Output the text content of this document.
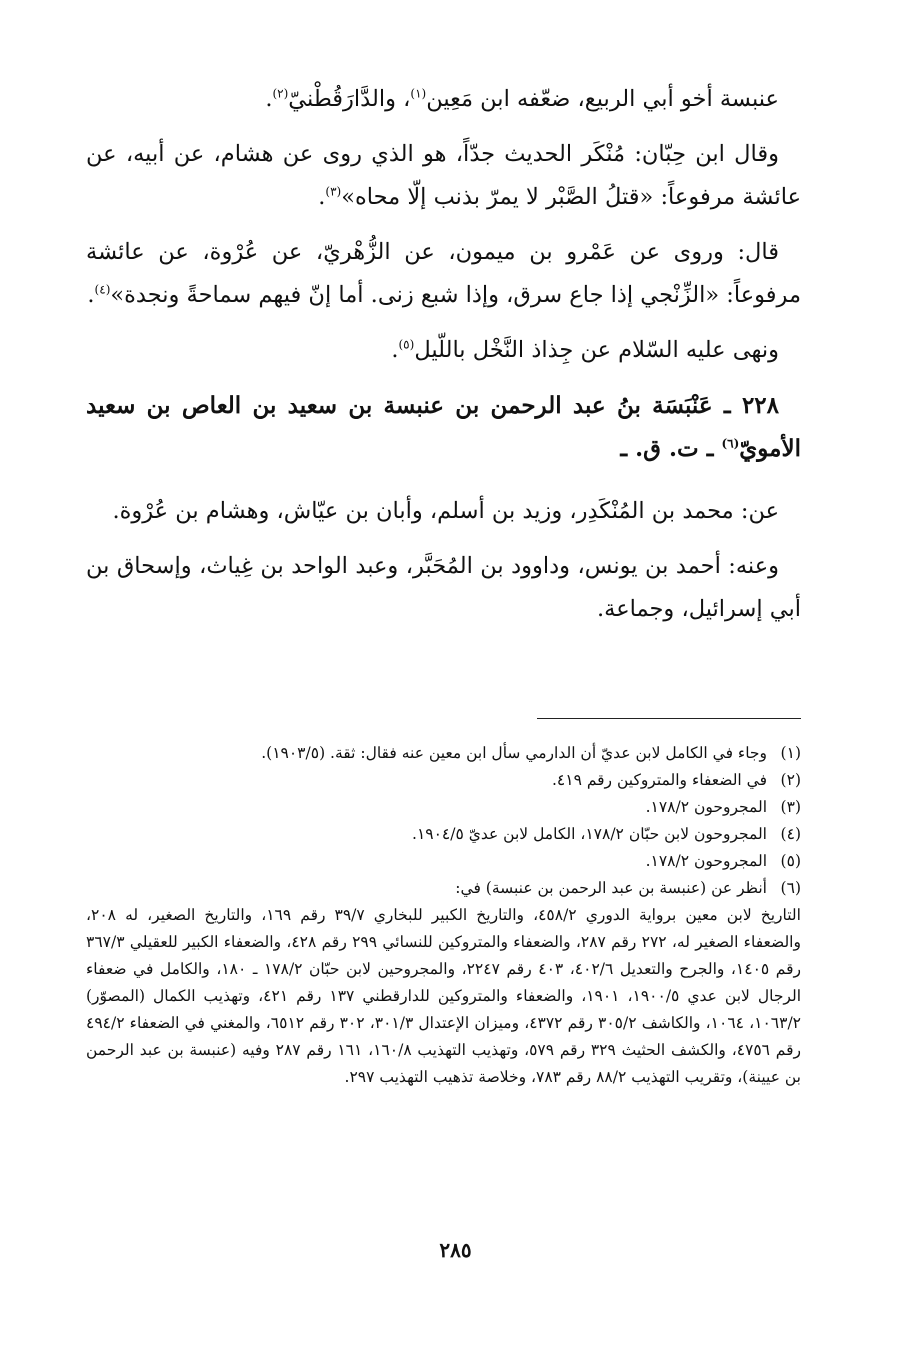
عنبسة أخو أبي الربيع، ضعّفه ابن مَعِين$^{(١)}$، والدَّارَقُطْنيّ$^{(٢)}$.

وقال ابن حِبّان: مُنْكَر الحديث جدّاً، هو الذي روى عن هشام، عن أبيه، عن عائشة مرفوعاً: «قتلُ الصَّبْر لا يمرّ بذنب إلّا محاه»$^{(٣)}$.

قال: وروى عن عَمْرو بن ميمون، عن الزُّهْريّ، عن عُرْوة، عن عائشة مرفوعاً: «الزِّنْجي إذا جاع سرق، وإذا شبع زنى. أما إنّ فيهم سماحةً ونجدة»$^{(٤)}$.

ونهى عليه السّلام عن جِذاذ النَّخْل باللّيل$^{(٥)}$.

٢٢٨ ـ عَنْبَسَة بنُ عبد الرحمن بن عنبسة بن سعيد بن العاص بن سعيد الأمويّ$^{(٦)}$ ـ ت. ق. ـ

عن: محمد بن المُنْكَدِر، وزيد بن أسلم، وأبان بن عيّاش، وهشام بن عُرْوة.

وعنه: أحمد بن يونس، وداوود بن المُحَبَّر، وعبد الواحد بن غِياث، وإسحاق بن أبي إسرائيل، وجماعة.

(١)
وجاء في الكامل لابن عديّ أن الدارمي سأل ابن معين عنه فقال: ثقة. (١٩٠٣/٥).
(٢)
في الضعفاء والمتروكين رقم ٤١٩.
(٣)
المجروحون ١٧٨/٢.
(٤)
المجروحون لابن حبّان ١٧٨/٢، الكامل لابن عديّ ١٩٠٤/٥.
(٥)
المجروحون ١٧٨/٢.
(٦)
أنظر عن (عنبسة بن عبد الرحمن بن عنبسة) في:
التاريخ لابن معين برواية الدوري ٤٥٨/٢، والتاريخ الكبير للبخاري ٣٩/٧ رقم ١٦٩، والتاريخ الصغير، له ٢٠٨، والضعفاء الصغير له، ٢٧٢ رقم ٢٨٧، والضعفاء والمتروكين للنسائي ٢٩٩ رقم ٤٢٨، والضعفاء الكبير للعقيلي ٣٦٧/٣ رقم ١٤٠٥، والجرح والتعديل ٤٠٢/٦، ٤٠٣ رقم ٢٢٤٧، والمجروحين لابن حبّان ١٧٨/٢ ـ ١٨٠، والكامل في ضعفاء الرجال لابن عدي ١٩٠٠/٥، ١٩٠١، والضعفاء والمتروكين للدارقطني ١٣٧ رقم ٤٢١، وتهذيب الكمال (المصوّر) ١٠٦٣/٢، ١٠٦٤، والكاشف ٣٠٥/٢ رقم ٤٣٧٢، وميزان الإعتدال ٣٠١/٣، ٣٠٢ رقم ٦٥١٢، والمغني في الضعفاء ٤٩٤/٢ رقم ٤٧٥٦، والكشف الحثيث ٣٢٩ رقم ٥٧٩، وتهذيب التهذيب ١٦٠/٨، ١٦١ رقم ٢٨٧ وفيه (عنبسة بن عبد الرحمن بن عيينة)، وتقريب التهذيب ٨٨/٢ رقم ٧٨٣، وخلاصة تذهيب التهذيب ٢٩٧.
٢٨٥
